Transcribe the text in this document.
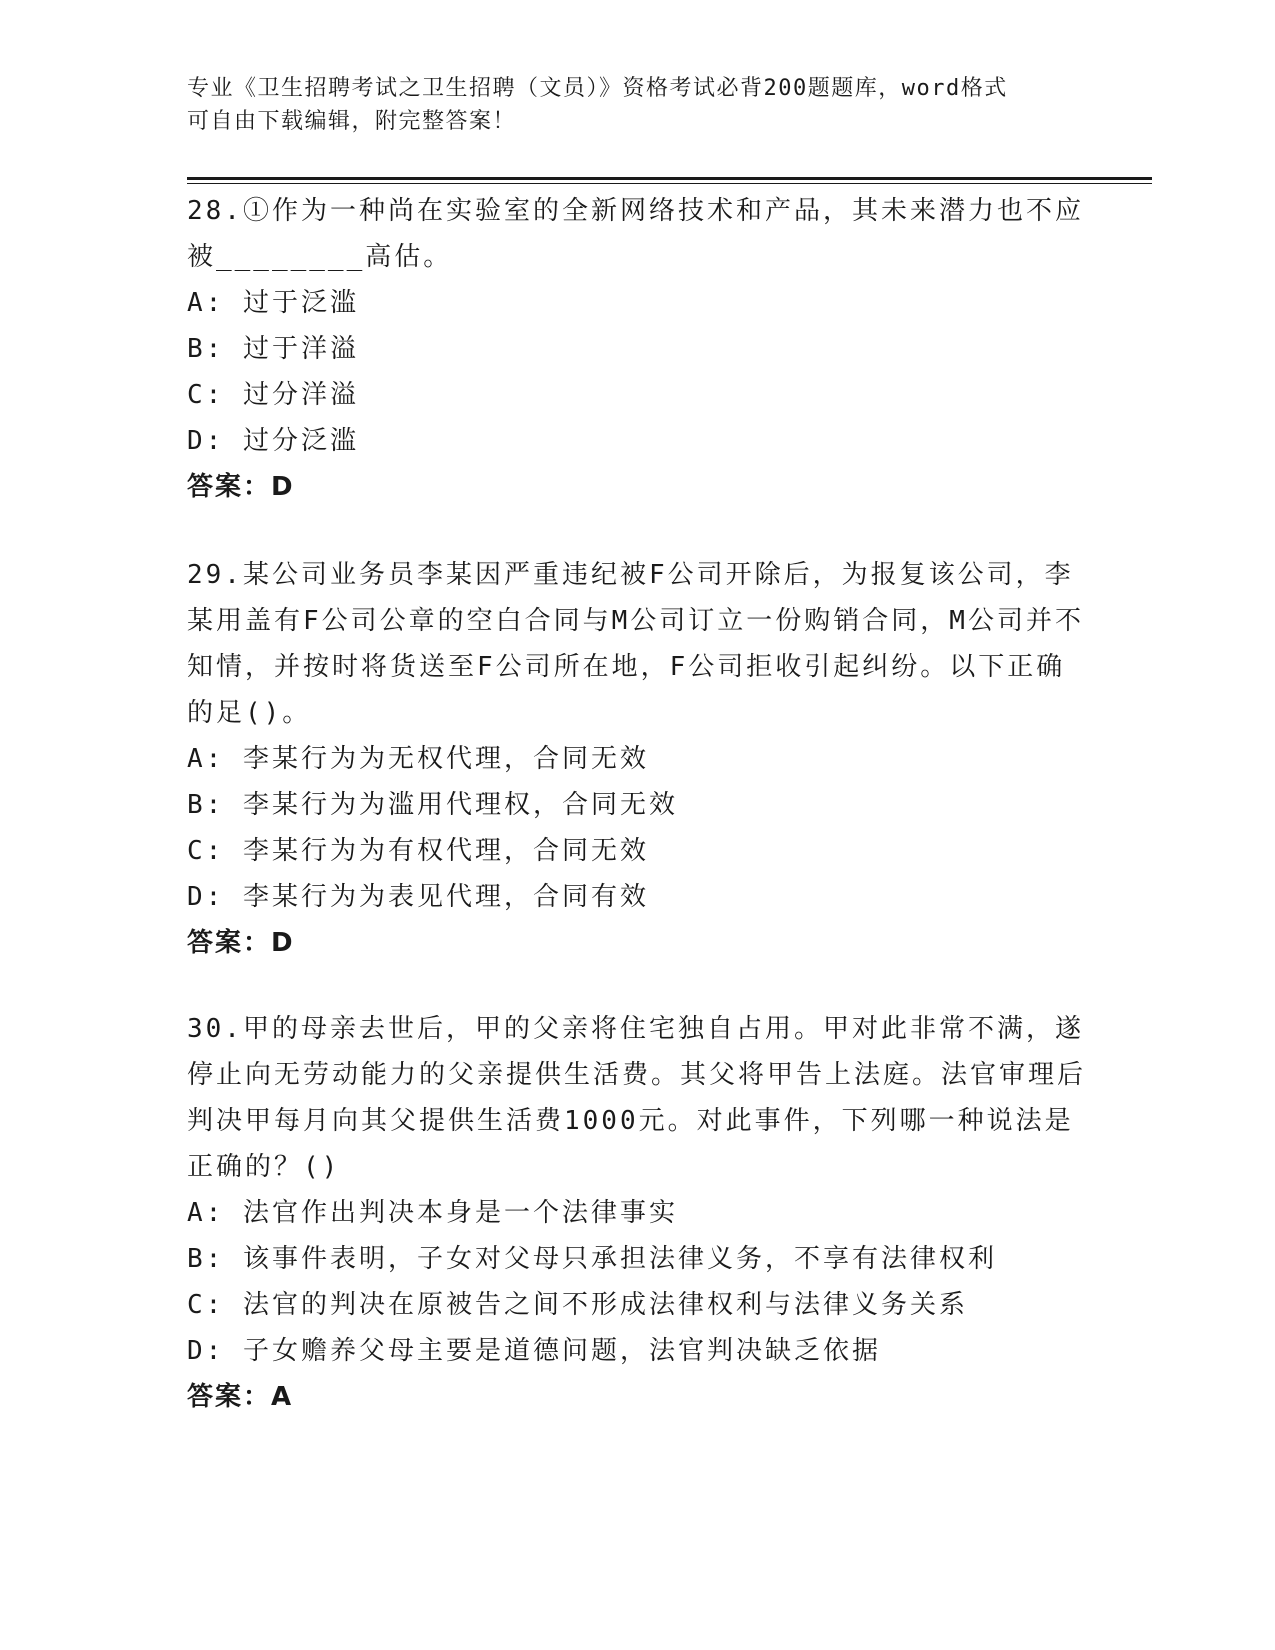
专业《卫生招聘考试之卫生招聘（文员）》资格考试必背200题题库，word格式
可自由下载编辑，附完整答案！

28.①作为一种尚在实验室的全新网络技术和产品，其未来潜力也不应被________高估。

A: 过于泛滥

B: 过于洋溢

C: 过分洋溢

D: 过分泛滥

答案：D

29.某公司业务员李某因严重违纪被F公司开除后，为报复该公司，李某用盖有F公司公章的空白合同与M公司订立一份购销合同，M公司并不知情，并按时将货送至F公司所在地，F公司拒收引起纠纷。以下正确的足()。

A: 李某行为为无权代理，合同无效

B: 李某行为为滥用代理权，合同无效

C: 李某行为为有权代理，合同无效

D: 李某行为为表见代理，合同有效

答案：D

30.甲的母亲去世后，甲的父亲将住宅独自占用。甲对此非常不满，遂停止向无劳动能力的父亲提供生活费。其父将甲告上法庭。法官审理后判决甲每月向其父提供生活费1000元。对此事件，下列哪一种说法是正确的？()

A: 法官作出判决本身是一个法律事实

B: 该事件表明，子女对父母只承担法律义务，不享有法律权利

C: 法官的判决在原被告之间不形成法律权利与法律义务关系

D: 子女赡养父母主要是道德问题，法官判决缺乏依据

答案：A
